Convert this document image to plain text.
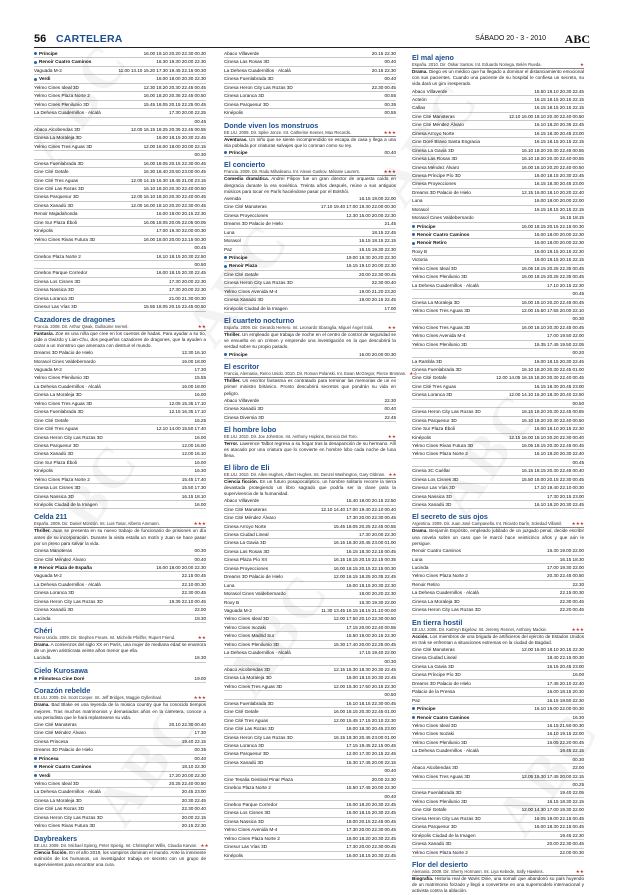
56 CARTELERA	SÁBADO 20 - 3 - 2010 ABC
Príncipe	16.00 19.10 20.20 22.30 00.30
Renoir Cuatro Caminos	16.30 19.30 20.00 22.30
Vaguada M-2	11.00 13.10 15.20 17.30 19.45 22.15 00.30
Verdi	16.00 18.00 20.30 22.30
Yelmo Cines Ideal 3D	12.30 18.20 20.30 22.45 00.45
Yelmo Cines Plaza Norte 2	16.00 18.20 20.35 22.45 00.50
Yelmo Cines Plenilunio 3D	15.45 18.05 20.15 22.25 00.45
La Dehesa Cuadernillos · Alcalá	17.30 20.00 22.25
00.45
Abaco Alcobendas 3D	12.00 16.15 18.25 20.35 22.45 00.55
Cinesa La Moraleja 3D	16.00 18.15 20.30 22.45
Yelmo Cines Tres Aguas 3D	12.00 16.00 18.00 20.00 22.15
00.30
Cinesa Fuenlabrada 3D	16.00 18.05 20.15 22.30 00.45
Cine Cité Getafe	16.30 18.40 20.50 23.00 00.45
Cine Cité Tres Aguas	12.00 14.15 16.30 18.45 21.00 23.15
Cine Cité Las Rozas 3D	16.10 18.20 20.30 22.40 00.50
Cinesa Parquesur 3D	12.00 16.10 18.20 20.30 22.40 00.45
Cinesa Xanadú 3D	12.00 16.00 18.10 20.20 22.30 00.45
Renoir Majadahonda	16.00 18.00 20.15 22.30
Cine Sur Plaza Éboli	16.05 18.05 20.05 22.05 00.05
Kinépolis	17.00 19.30 22.00 00.30
Yelmo Cines Rivas Futura 3D	16.00 18.00 20.00 22.15 00.30
00.45
Cinebox Plaza Norte 2	16.10 18.15 20.30 22.50
00.50
Cinebox Parque Corredor	16.00 18.15 20.30 22.45
Cinesa Los Cisnes 3D	17.30 20.00 22.30
Cinesa Nassica 3D	17.30 20.00 22.30
Cinesa Loranca 3D	21.00 21.30 00.30
Cinesur Las Vías 3D	15.55 18.05 20.15 22.45 00.50
Cazadores de dragones
Francia. 2008. Dir. Arthur Qwak, Guillaume Ivernel.	★★
Fantasía. Zoe es una niña que cree en los cuentos de hadas. Para ayudar a su tío, pide a Gwizdo y Lian-Chu, dos pequeños cazadores de dragones, que la ayuden a cazar a un monstruo que amenaza con destruir el mundo.
Dreams 3D Palacio de Hielo	12.30 16.10
Morasol Cines Valdebernardo	16.00 18.00
Vaguada M-2	17.30
Yelmo Cines Plenilunio 3D	15.55
La Dehesa Cuadernillos · Alcalá	16.00 18.00
Cinesa La Moraleja 3D	16.00
Yelmo Cines Tres Aguas 3D	12.05 15.35 17.10
Cinesa Fuenlabrada 3D	12.15 16.35 17.10
Cine Cité Getafe	16.25
Cine Cité Tres Aguas	12.10 14.00 15.50 17.40
Cinesa Heron City Las Rozas 3D	16.00
Cinesa Parquesur 3D	12.00 16.00
Cinesa Xanadú 3D	12.00 16.10
Cine Sur Plaza Éboli	16.00
Kinépolis	16.30
Yelmo Cines Plaza Norte 2	15.45 17.40
Cinesa Los Cisnes 3D	15.50 17.30
Cinesa Nassica 3D	16.15 18.10
Kinépolis Ciudad de la Imagen	16.00
Celda 211
España. 2009. Dir. Daniel Monzón. Int. Luis Tosar, Alberto Ammann.	★★★
Thriller. Juan se presenta en su nuevo trabajo de funcionario de prisiones un día antes de su incorporación. Durante la visita estalla un motín y Juan se hace pasar por un preso para salvar la vida.
Cinesa Manoteras	00.30
Cine Cité Méndez Álvaro	00.40
Renoir Plaza de España	16.00 18.00 20.00 22.30
Vaguada M-2	22.15 00.45
La Dehesa Cuadernillos · Alcalá	22.10 00.30
Cinesa Loranca 3D	22.30 00.45
Cinesa Heron City Las Rozas 3D	19.35 22.10 00.45
Cinesa Xanadú 3D	22.00
Lucinda	18.30
Chéri
Reino Unido. 2009. Dir. Stephen Frears. Int. Michelle Pfeiffer, Rupert Friend.	★★
Drama. A comienzos del siglo XX en París, una mujer de mediana edad se enamora de un joven aristócrata veinte años menor que ella.
Lucinda	16.30
Cielo Kurosawa
Filmoteca Cine Doré	19.00
Corazón rebelde
EE.UU. 2009. Dir. Scott Cooper. Int. Jeff Bridges, Maggie Gyllenhaal.	★★★
Drama. Bad Blake es una leyenda de la música country que ha conocido tiempos mejores. Tras muchos matrimonios y demasiados años en la carretera, conoce a una periodista que le hará replantearse su vida.
Cine Cité Manoteras	20.10 22.30 00.40
Cine Cité Méndez Álvaro	17.30
Cinesa Princesa	19.40 22.15
Dreams 3D Palacio de Hielo	00.35
Princesa	00.40
Renoir Cuatro Caminos	18.10 22.30
Verdi	17.20 20.00 22.30
Yelmo Cines Ideal 3D	20.25 22.40 00.50
La Dehesa Cuadernillos · Alcalá	20.45 23.00
Cinesa La Moraleja 3D	20.30 22.45
Cine Cité Las Rozas 3D	22.30 00.40
Cinesa Heron City Las Rozas 3D	20.00 22.15
Yelmo Cines Rivas Futura 3D	20.15 22.30
Daybreakers
EE.UU. 2009. Dir. Michael Spierig, Peter Spierig. Int. Christopher Willis, Claudia Karvan. ★★
Ciencia ficción. En el año 2019, los vampiros dominan el mundo. Ante la inminente extinción de los humanos, un investigador trabaja en secreto con un grupo de supervivientes para encontrar una cura.
Abaco Villaverde	20.15 22.30
Cinesa Las Rosas 3D	00.40
La Dehesa Cuadernillos · Alcalá	20.15 22.30
Cinesa Fuenlabrada 3D	00.40
Cinesa Heron City Las Rozas 3D	22.30 00.45
Cinesa Loranca 3D	00.55
Cinesa Parquesur 3D	00.35
Kinépolis	00.55
Donde viven los monstruos
EE.UU. 2009. Dir. Spike Jonze. Int. Catherine Keener, Max Records.	★★★
Aventuras. Un niño que se siente incomprendido se escapa de casa y llega a una isla poblada por criaturas salvajes que lo coronan como su rey.
Príncipe	00.40
El concierto
Francia. 2009. Dir. Radu Mihaileanu. Int. Alexei Guskov, Mélanie Laurent.	★★★
Comedia dramática. Andrei Filipov fue un gran director de orquesta caído en desgracia durante la era soviética. Treinta años después, reúne a sus antiguos músicos para tocar en París haciéndose pasar por el Bolshói.
Avenida	16.15 19.00 22.00
Cine Cité Manoteras	17.10 19.40 17.00 19.30 22.00 00.30
Cinesa Proyecciones	12.30 15.00 20.00 22.30
Dreams 3D Palacio de Hielo	21.45
Luna	18.15 22.45
Morasol	16.15 18.15 22.15
Paz	16.15 19.30 22.30
Príncipe	19.00 19.30 20.20 22.30
Renoir Plaza	16.15 19.10 20.00 22.30
Cine Cité Getafe	20.00 22.30 00.45
Cinesa Heron City Las Rozas 3D	22.30 00.40
Yelmo Cines Avenida M-4	19.00 21.20 23.20
Cinesa Xanadú 3D	18.00 20.15 22.45
Kinépolis Ciudad de la Imagen	17.00
El cuarteto nocturno
España. 2009. Dir. Gerardo Herrero. Int. Leonardo Sbaraglia, Miguel Ángel Solá.	★★
Thriller. Un empleado que trabaja de noche en el centro de control de seguridad se ve envuelto en un crimen y emprende una investigación en la que descubrirá la verdad sobre su propio pasado.
Príncipe	16.00 20.00 00.30
El escritor
Francia, Alemania, Reino Unido. 2010. Dir. Roman Polanski. Int. Ewan McGregor, Pierce Brosnan. ★★
Thriller. Un escritor fantasma es contratado para terminar las memorias de un ex primer ministro británico. Pronto descubrirá secretos que pondrán su vida en peligro.
Abaco Villaverde	22.30
Cinesa Xanadú 3D	00.40
Cinesa Diversia 3D	22.45
El hombre lobo
EE.UU. 2010. Dir. Joe Johnston. Int. Anthony Hopkins, Benicio Del Toro.	★★
Terror. Lawrence Talbot regresa a su hogar tras la desaparición de su hermano. Allí es atacado por una criatura que lo convierte en hombre lobo cada noche de luna llena.
El libro de Eli
EE.UU. 2010. Dir. Allen Hughes, Albert Hughes. Int. Denzel Washington, Gary Oldman. ★★
Ciencia ficción. En un futuro posapocalíptico, un hombre solitario recorre la tierra devastada protegiendo un libro sagrado que podría ser la clave para la supervivencia de la humanidad.
Abaco Villaverde	15.40 18.00 20.15 22.50
Cine Cité Manoteras	12.10 14.40 17.00 19.40 22.10 00.40
Cine Cité Méndez Álvaro	17.30 20.00 22.30 00.45
Cinesa Arroyo Norte	15.45 18.05 20.25 22.45 00.55
Cinesa Ciudad Lineal	17.30 20.00 22.30
Cinesa La Gavia 3D	16.15 18.30 20.45 23.00 01.00
Cinesa Las Rosas 3D	16.15 18.30 22.15 00.45
Cinesa Plaza Pío XII	16.15 18.15 20.15 22.15 00.35
Cinesa Proyecciones	16.00 18.15 20.15 22.15 00.30
Dreams 3D Palacio de Hielo	12.00 16.15 18.25 20.35 22.45
Luna	16.00 18.15 20.30 22.30
Morasol Cines Valdebernardo	18.00 20.20 22.30
Roxy B	16.30 19.30 22.00
Vaguada M-2	11.30 13.45 16.15 18.15 21.10 00.00
Yelmo Cines Ideal 3D	12.00 17.50 20.10 22.30 00.50
Yelmo Cines Isozaki	17.15 20.00 22.40 00.55
Yelmo Cines Madrid Sur	15.50 18.00 20.15 22.30
Yelmo Cines Plenilunio 3D	15.30 17.40 20.00 22.25 00.45
La Dehesa Cuadernillos · Alcalá	17.15 19.40 22.00
00.30
Abaco Alcobendas 3D	12.15 16.30 18.30 20.30 22.45
Cinesa La Moraleja 3D	16.00 18.15 20.30 22.45
Yelmo Cines Tres Aguas 3D	12.00 15.30 17.50 20.15 22.30
00.50
Cinesa Fuenlabrada 3D	16.10 18.15 22.30 00.45
Cine Cité Getafe	16.00 18.15 20.30 22.45 01.00
Cine Cité Tres Aguas	12.00 15.45 17.15 20.10 22.30
Cine Cité Las Rozas 3D	16.00 18.30 20.45 23.00
Cinesa Heron City Las Rozas 3D	16.15 18.30 20.45 23.00 01.00
Cinesa Loranca 3D	17.15 19.45 22.15 00.45
Cinesa Parquesur 3D	12.00 17.30 20.15 22.45
Cinesa Xanadú 3D	15.30 17.45 20.00 22.15
00.40
Cine Tesalia Gestival Pinar Plaza	20.00 22.30
Cinebox Plaza Norte 2	15.50 17.45 20.00 22.30
00.40
Cinebox Parque Corredor	16.00 18.20 20.30 22.45
Cinesa Los Cisnes 3D	16.00 18.15 20.30 22.45
Cinesa Nassica 3D	18.00 20.15 22.45 00.45
Yelmo Cines Avenida M-4	17.30 20.00 22.30 00.45
Yelmo Cines Plaza Norte 2	16.00 18.20 20.30 22.45
Cinesur Las Vías 3D	17.30 20.00 22.30 00.45
Kinépolis	16.00 18.15 20.30 22.45
El mal ajeno
España. 2010. Dir. Óskar Santos. Int. Eduardo Noriega, Belén Rueda.	★
Drama. Diego es un médico que ha llegado a dominar el distanciamiento emocional con sus pacientes. Cuando una paciente de su hospital le confiesa un secreto, su vida dará un giro inesperado.
Abaco Villaverde	15.50 18.10 20.30 22.45
Acteón	16.15 18.15 20.15 22.15
Callao	16.15 18.15 20.15 22.15
Cine Cité Manoteras	12.10 16.00 18.10 20.30 22.40 00.50
Cine Cité Méndez Álvaro	16.10 18.20 20.35 22.45
Cinesa Arroyo Norte	16.15 18.30 20.45 23.00
Cine Doré Bravo Santa Engracia	16.15 18.15 20.15 22.15
Cinesa La Gavia 3D	16.10 18.20 20.30 22.45 00.55
Cinesa Las Rosas 3D	16.10 18.20 20.30 22.40 00.55
Cinesa Méndez Álvaro	16.00 18.10 20.20 22.40 00.50
Cinesa Príncipe Pío 3D	16.00 18.15 20.30 22.45
Cinesa Proyecciones	16.15 18.30 20.45 23.00
Dreams 3D Palacio de Hielo	12.15 16.00 18.10 20.20 22.40
Luna	16.00 18.00 20.00 22.00
Morasol	16.15 18.15 20.15 22.15
Morasol Cines Valdebernardo	16.15 18.15
Príncipe	16.00 18.15 20.15 22.15 00.30
Renoir Cuatro Caminos	16.00 18.00 20.00 22.30
Renoir Retiro	16.00 18.00 20.00 22.30
Roxy B	16.00 18.15 20.15 22.30
Victoria	16.00 18.15 20.15 22.15
Yelmo Cines Ideal 3D	16.05 18.15 20.25 22.35 00.45
Yelmo Cines Plenilunio 3D	16.00 18.15 20.25 22.35 00.45
La Dehesa Cuadernillos · Alcalá	17.10 20.15 22.30
00.45
Cinesa La Moraleja 3D	16.00 18.10 20.20 22.45 00.45
Yelmo Cines Tres Aguas 3D	12.00 15.50 17.55 20.00 22.10
00.30
Yelmo Cines Tres Aguas 3D	16.00 18.10 20.30 22.45 00.45
Yelmo Cines Avenida M-4	17.00 19.50 22.00
Yelmo Cines Plenilunio 3D	15.35 17.45 19.50 22.05
00.20
La Rambla 3D	16.00 18.15 20.30 22.45
Cinesa Fuenlabrada 3D	16.10 18.20 20.30 22.45 01.00
Cine Cité Getafe	12.00 14.05 16.15 18.20 20.30 22.40 00.45
Cine Cité Tres Aguas	16.15 18.30 20.45 23.00
Cinesa Loranca 3D	12.00 14.10 16.20 18.30 20.40 22.50
00.50
Cinesa Heron City Las Rozas 3D	16.15 18.20 20.30 22.45 00.55
Cinesa Parquesur 3D	16.10 18.20 20.30 22.40 00.50
Cine Sur Plaza Éboli	16.00 18.10 20.15 22.30
Kinépolis	12.15 16.00 18.10 20.20 22.30 00.40
Yelmo Cines Rivas Futura 3D	16.05 18.15 20.30 22.45 00.45
Yelmo Cines Plaza Norte 2	16.10 18.20 20.30 22.40
00.45
Cinesa 3C Cuéllar	16.15 18.15 20.30 22.45 00.40
Cinesa Los Cisnes 3D	15.50 18.00 20.15 22.30 00.45
Cinesur Las Vías 3D	17.10 19.40 22.10 00.30
Cinesa Nassica 3D	17.30 20.15 23.00
Cinesa Xanadú 3D	16.10 18.20 20.30 22.45
El secreto de sus ojos
Argentina. 2009. Dir. Juan José Campanella. Int. Ricardo Darín, Soledad Villamil.	★★★
Drama. Benjamín Espósito, empleado jubilado de un juzgado penal, decide escribir una novela sobre un caso que le marcó hace veinticinco años y que aún le persigue.
Renoir Cuatro Caminos	16.30 19.00 22.00
Luna	16.15 18.30
Lucinda	17.00 19.30 22.00
Yelmo Cines Plaza Norte 2	20.30 22.45 00.50
Renoir Retiro	22.30
La Dehesa Cuadernillos · Alcalá	22.15 00.30
Cinesa La Moraleja 3D	22.30 00.45
Cinesa Heron City Las Rozas 3D	22.20 00.45
En tierra hostil
EE.UU. 2008. Dir. Kathryn Bigelow. Int. Jeremy Renner, Anthony Mackie.	★★★
Acción. Los miembros de una brigada de artificieros del ejército de Estados Unidos en Irak se enfrentan a situaciones extremas en la ciudad de Bagdad.
Cine Cité Manoteras	12.00 16.00 18.10 20.15 22.30
Cinesa Ciudad Lineal	18.40 22.15 00.30
Cinesa La Gavia 3D	16.15 20.45 23.00
Cinesa Príncipe Pío 3D	16.00
Dreams 3D Palacio de Hielo	17.45 20.10 22.40
Palacio de la Prensa	16.00 18.15 20.30
Paz	16.15 18.50 22.30
Príncipe	16.10 19.00 22.00 00.30
Renoir Cuatro Caminos	16.30
Yelmo Cines Ideal 3D	16.15 21.50 00.30
Yelmo Cines Isozaki	16.10 19.15 22.00
Yelmo Cines Plenilunio 3D	16.05 22.20 00.45
La Dehesa Cuadernillos · Alcalá	19.45 22.15
00.30
Abaco Alcobendas 3D	22.00
Yelmo Cines Tres Aguas 3D	12.05 15.30 17.45 20.00 22.15
00.25
Cinesa Fuenlabrada 3D	19.40 22.05
Yelmo Cines Plenilunio 3D	16.15 18.30 22.15
Cine Cité Getafe	12.00 14.30 17.00 19.30 22.00
Cinesa Heron City Las Rozas 3D	16.05 19.00 22.15 00.45
Cinesa Parquesur 3D	16.00 18.30 22.15 00.45
Kinépolis Ciudad de la Imagen	19.45 22.30
Cinesa Xanadú 3D	20.00 22.30 00.45
Yelmo Cines Plaza Norte 2	22.00 00.30
Flor del desierto
Alemania. 2009. Dir. Sherry Hormann. Int. Liya Kebede, Sally Hawkins.	★★
Biografía. Historia real de Waris Dirie, una somalí que abandonó su país huyendo de un matrimonio forzado y llegó a convertirse en una supermodelo internacional y activista contra la ablación.
